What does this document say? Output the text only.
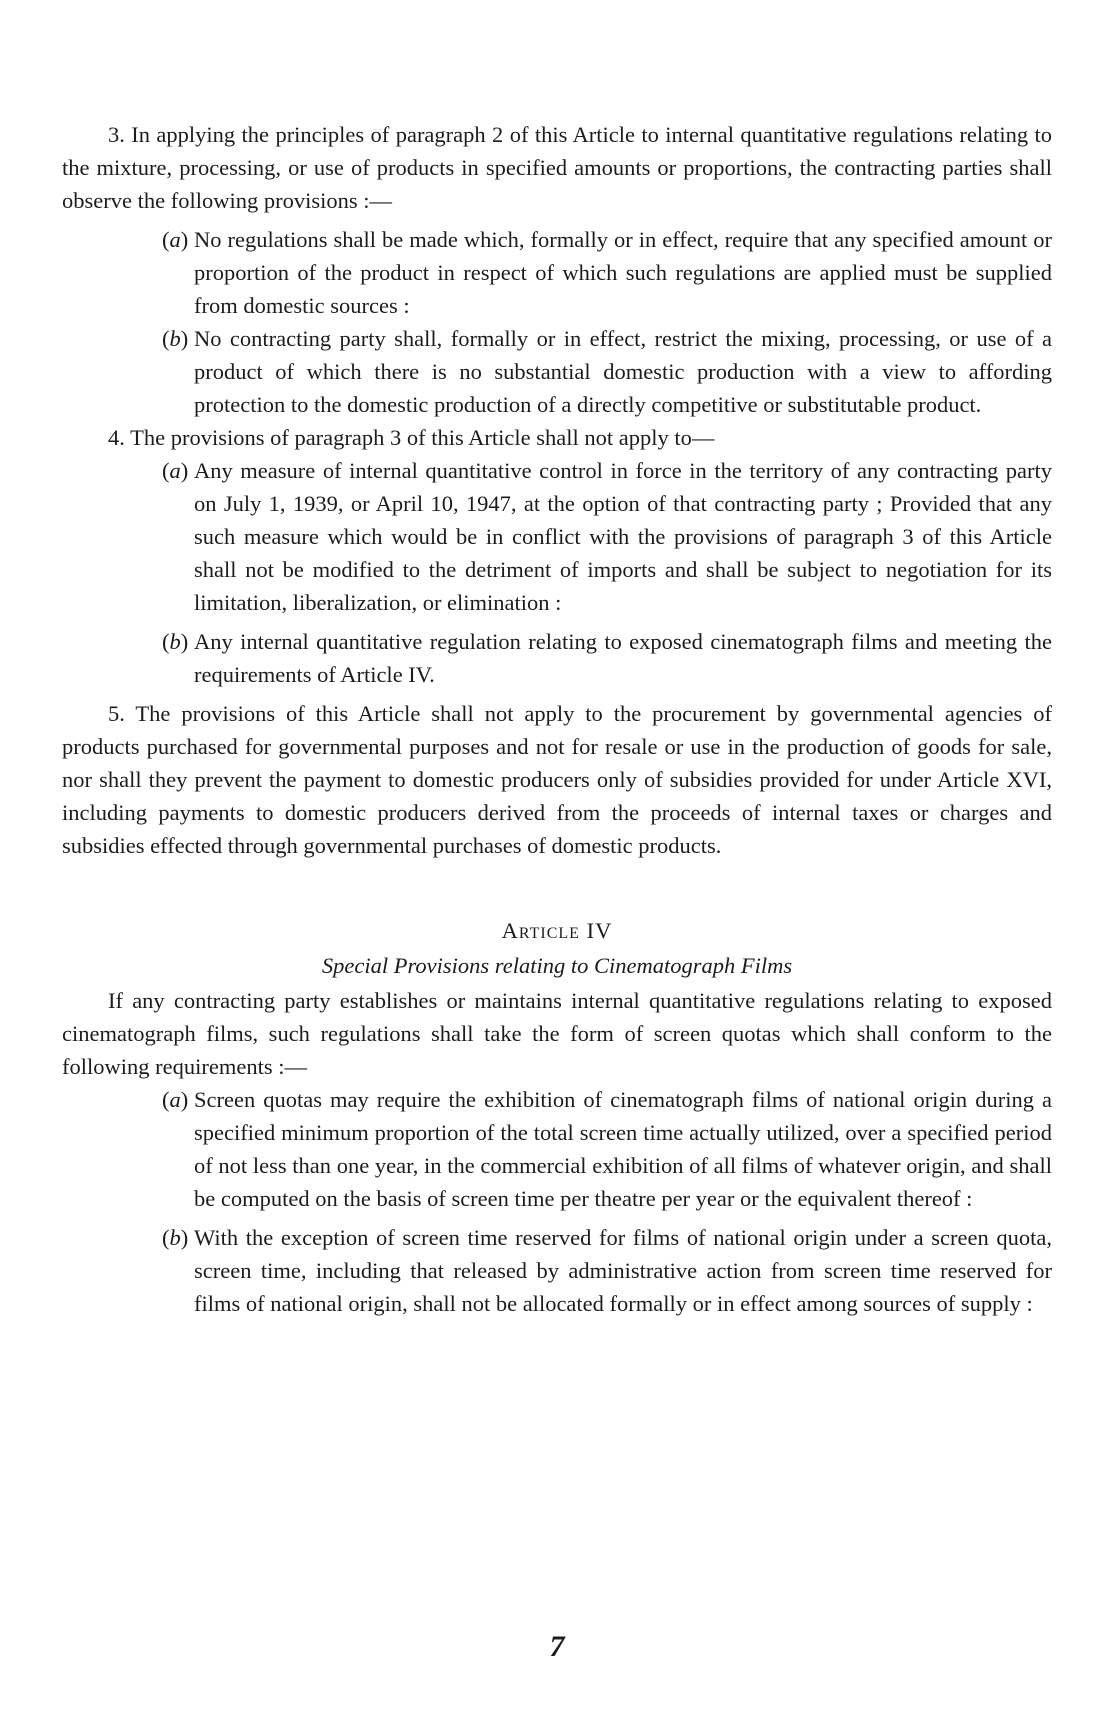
3. In applying the principles of paragraph 2 of this Article to internal quantitative regulations relating to the mixture, processing, or use of products in specified amounts or proportions, the contracting parties shall observe the following provisions :—

(a) No regulations shall be made which, formally or in effect, require that any specified amount or proportion of the product in respect of which such regulations are applied must be supplied from domestic sources :

(b) No contracting party shall, formally or in effect, restrict the mixing, processing, or use of a product of which there is no substantial domestic production with a view to affording protection to the domestic production of a directly competitive or substitutable product.

4. The provisions of paragraph 3 of this Article shall not apply to—

(a) Any measure of internal quantitative control in force in the territory of any contracting party on July 1, 1939, or April 10, 1947, at the option of that contracting party ; Provided that any such measure which would be in conflict with the provisions of paragraph 3 of this Article shall not be modified to the detriment of imports and shall be subject to negotiation for its limitation, liberalization, or elimination :

(b) Any internal quantitative regulation relating to exposed cinematograph films and meeting the requirements of Article IV.

5. The provisions of this Article shall not apply to the procurement by governmental agencies of products purchased for governmental purposes and not for resale or use in the production of goods for sale, nor shall they prevent the payment to domestic producers only of subsidies provided for under Article XVI, including payments to domestic producers derived from the proceeds of internal taxes or charges and subsidies effected through governmental purchases of domestic products.

Article IV
Special Provisions relating to Cinematograph Films

If any contracting party establishes or maintains internal quantitative regulations relating to exposed cinematograph films, such regulations shall take the form of screen quotas which shall conform to the following requirements :—

(a) Screen quotas may require the exhibition of cinematograph films of national origin during a specified minimum proportion of the total screen time actually utilized, over a specified period of not less than one year, in the commercial exhibition of all films of whatever origin, and shall be computed on the basis of screen time per theatre per year or the equivalent thereof :

(b) With the exception of screen time reserved for films of national origin under a screen quota, screen time, including that released by administrative action from screen time reserved for films of national origin, shall not be allocated formally or in effect among sources of supply :

7
